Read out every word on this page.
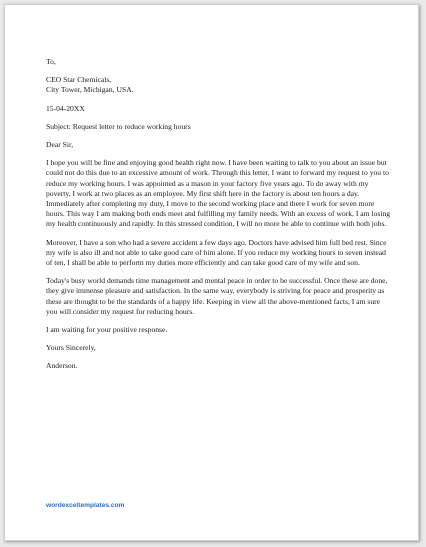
To,

CEO Star Chemicals,

City Tower, Michigan, USA.

15-04-20XX

Subject: Request letter to reduce working hours

Dear Sir,

I hope you will be fine and enjoying good health right now. I have been waiting to talk to you about an issue but could not do this due to an excessive amount of work. Through this letter, I want to forward my request to you to reduce my working hours. I was appointed as a mason in your factory five years ago. To do away with my poverty, I work at two places as an employee. My first shift here in the factory is about ten hours a day. Immediately after completing my duty, I move to the second working place and there I work for seven more hours. This way I am making both ends meet and fulfilling my family needs. With an excess of work, I am losing my health continuously and rapidly. In this stressed condition, I will no more be able to continue with both jobs.

Moreover, I have a son who had a severe accident a few days ago. Doctors have advised him full bed rest. Since my wife is also ill and not able to take good care of him alone. If you reduce my working hours to seven instead of ten, I shall be able to perform my duties more efficiently and can take good care of my wife and son.

Today's busy world demands time management and mental peace in order to be successful. Once these are done, they give immense pleasure and satisfaction. In the same way, everybody is striving for peace and prosperity as these are thought to be the standards of a happy life. Keeping in view all the above-mentioned facts, I am sure you will consider my request for reducing hours.

I am waiting for your positive response.

Yours Sincerely,

Anderson.

wordexceltemplates.com
